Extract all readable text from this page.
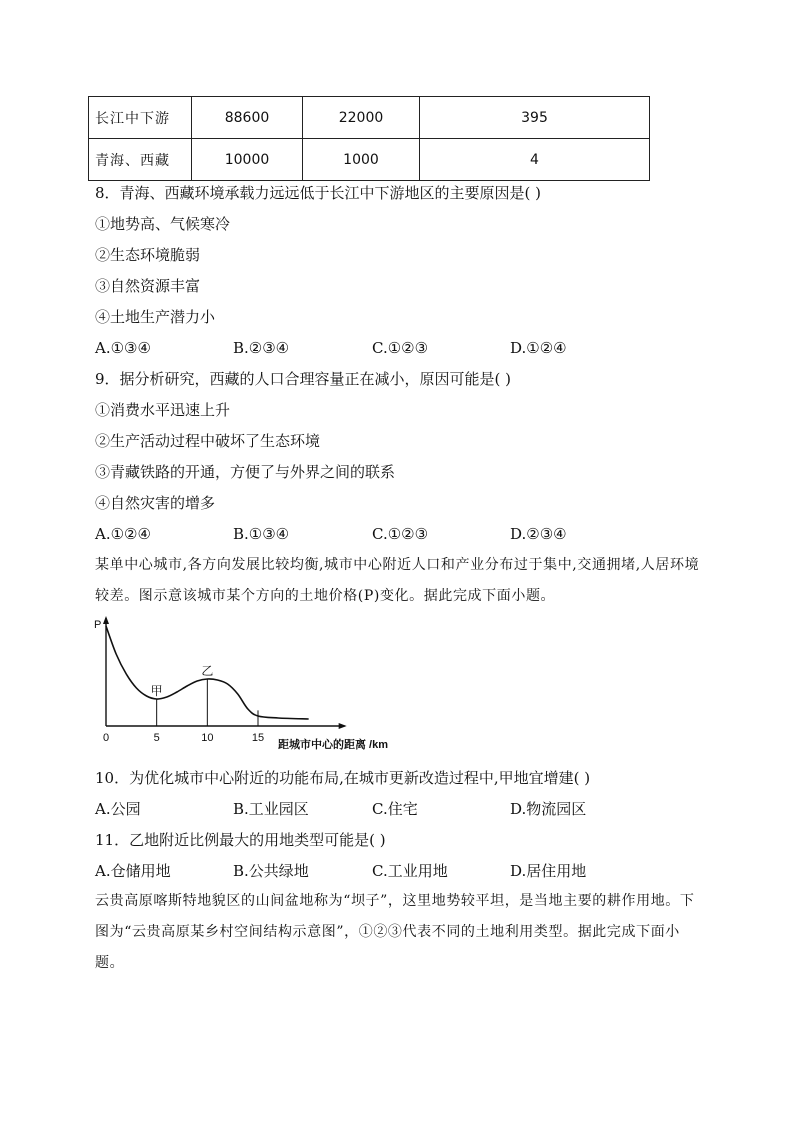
长江中下游	88600	22000	395
青海、西藏	10000	1000	4
8．青海、西藏环境承载力远远低于长江中下游地区的主要原因是( )
①地势高、气候寒冷
②生态环境脆弱
③自然资源丰富
④土地生产潜力小
A.①③④	B.②③④	C.①②③	D.①②④
9．据分析研究，西藏的人口合理容量正在减小，原因可能是( )
①消费水平迅速上升
②生产活动过程中破坏了生态环境
③青藏铁路的开通，方便了与外界之间的联系
④自然灾害的增多
A.①②④	B.①③④	C.①②③	D.②③④
某单中心城市,各方向发展比较均衡,城市中心附近人口和产业分布过于集中,交通拥堵,人居环境较差。图示意该城市某个方向的土地价格(P)变化。据此完成下面小题。
P
0	5	10	15
距城市中心的距离 /km
甲
乙
10．为优化城市中心附近的功能布局,在城市更新改造过程中,甲地宜增建( )
A.公园	B.工业园区	C.住宅	D.物流园区
11．乙地附近比例最大的用地类型可能是( )
A.仓储用地	B.公共绿地	C.工业用地	D.居住用地
云贵高原喀斯特地貌区的山间盆地称为“坝子”，这里地势较平坦，是当地主要的耕作用地。下图为“云贵高原某乡村空间结构示意图”，①②③代表不同的土地利用类型。据此完成下面小题。
